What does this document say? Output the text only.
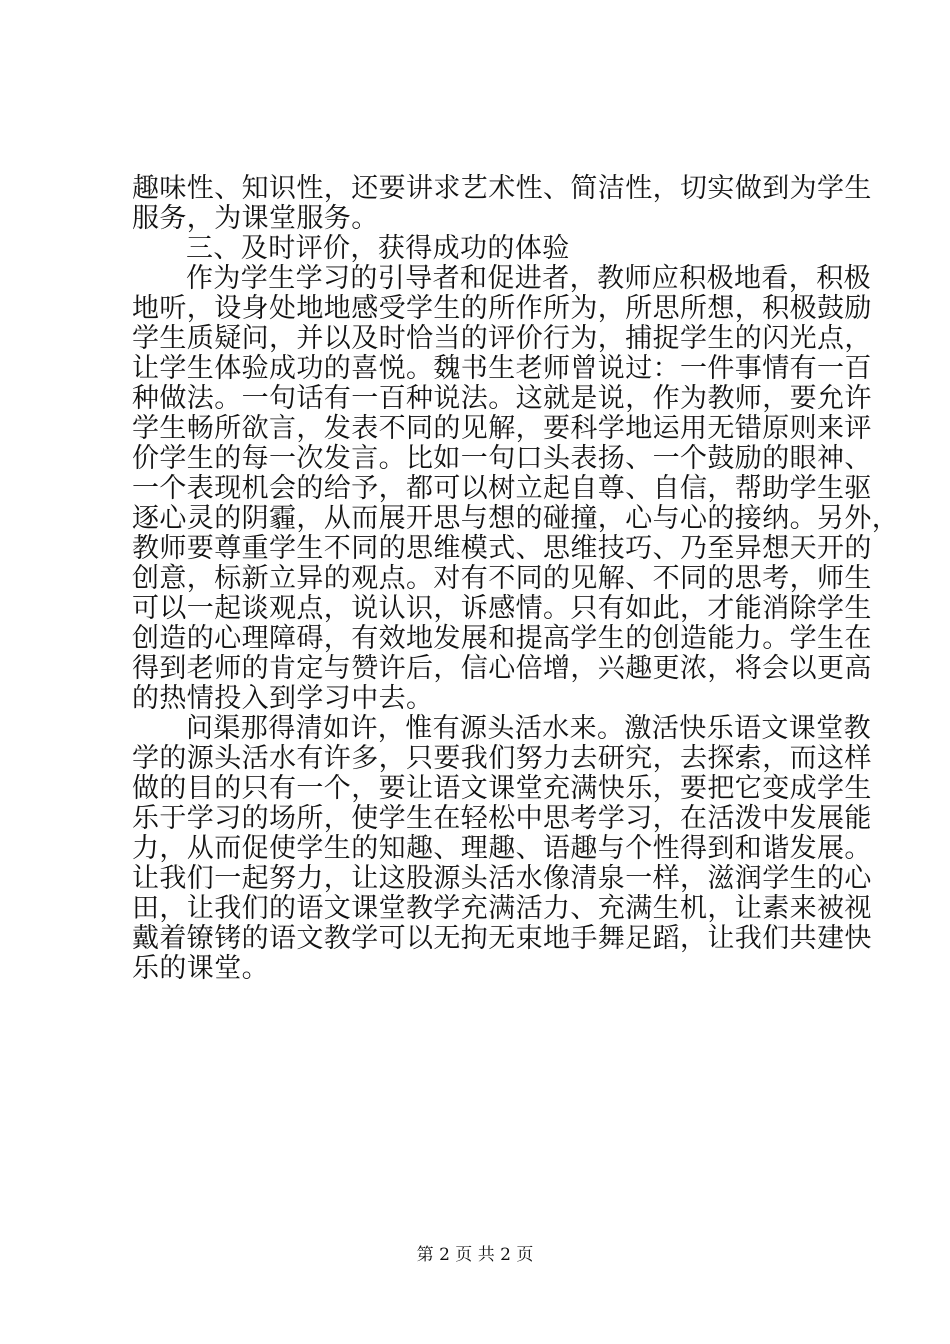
趣味性、知识性，还要讲求艺术性、简洁性，切实做到为学生
服务，为课堂服务。
三、及时评价，获得成功的体验
作为学生学习的引导者和促进者，教师应积极地看，积极
地听，设身处地地感受学生的所作所为，所思所想，积极鼓励
学生质疑问，并以及时恰当的评价行为，捕捉学生的闪光点，
让学生体验成功的喜悦。魏书生老师曾说过：一件事情有一百
种做法。一句话有一百种说法。这就是说，作为教师，要允许
学生畅所欲言，发表不同的见解，要科学地运用无错原则来评
价学生的每一次发言。比如一句口头表扬、一个鼓励的眼神、
一个表现机会的给予，都可以树立起自尊、自信，帮助学生驱
逐心灵的阴霾，从而展开思与想的碰撞，心与心的接纳。另外，
教师要尊重学生不同的思维模式、思维技巧、乃至异想天开的
创意，标新立异的观点。对有不同的见解、不同的思考，师生
可以一起谈观点，说认识，诉感情。只有如此，才能消除学生
创造的心理障碍，有效地发展和提高学生的创造能力。学生在
得到老师的肯定与赞许后，信心倍增，兴趣更浓，将会以更高
的热情投入到学习中去。
问渠那得清如许，惟有源头活水来。激活快乐语文课堂教
学的源头活水有许多，只要我们努力去研究，去探索，而这样
做的目的只有一个，要让语文课堂充满快乐，要把它变成学生
乐于学习的场所，使学生在轻松中思考学习，在活泼中发展能
力，从而促使学生的知趣、理趣、语趣与个性得到和谐发展。
让我们一起努力，让这股源头活水像清泉一样，滋润学生的心
田，让我们的语文课堂教学充满活力、充满生机，让素来被视
戴着镣铐的语文教学可以无拘无束地手舞足蹈，让我们共建快
乐的课堂。
第 2 页 共 2 页
